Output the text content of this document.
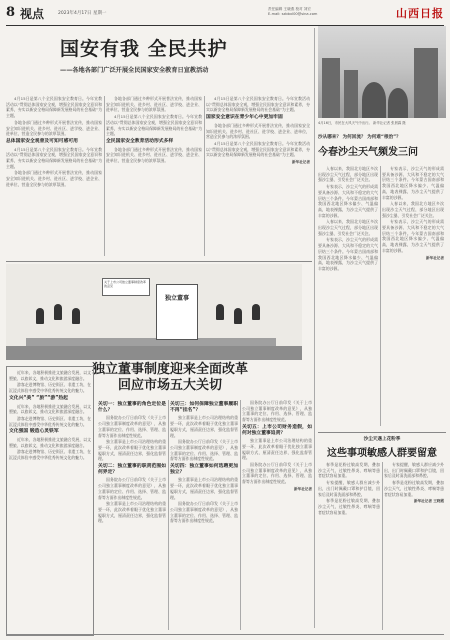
8 视点	2023年4月17日 星期一
责任编辑 王晓燕 校对 刘宏
E-mail: szbbxl00@sina.com	山西日报
国安有我 全民共护
——各地各部门广泛开展全民国家安全教育日宣教活动

4月15日是第八个全民国家安全教育日。今年宣教活动以“贯彻总体国家安全观，增强全民国家安全意识和素养，夯实以新安全格局保障新发展格局的社会基础”为主题。

各地各部门通过多种形式开展普法宣传，推动国家安全知识进机关、进乡村、进社区、进学校、进企业、进单位，营造全民参与的浓厚氛围。

总体国家安全观普及可知可感可用

4月15日是第八个全民国家安全教育日。今年宣教活动以“贯彻总体国家安全观，增强全民国家安全意识和素养，夯实以新安全格局保障新发展格局的社会基础”为主题。

各地各部门通过多种形式开展普法宣传，推动国家安全知识进机关、进乡村、进社区、进学校、进企业、进单位，营造全民参与的浓厚氛围。

各地各部门通过多种形式开展普法宣传，推动国家安全知识进机关、进乡村、进社区、进学校、进企业、进单位，营造全民参与的浓厚氛围。

4月15日是第八个全民国家安全教育日。今年宣教活动以“贯彻总体国家安全观，增强全民国家安全意识和素养，夯实以新安全格局保障新发展格局的社会基础”为主题。

全民国家安全教育活动形式多样

各地各部门通过多种形式开展普法宣传，推动国家安全知识进机关、进乡村、进社区、进学校、进企业、进单位，营造全民参与的浓厚氛围。

4月15日是第八个全民国家安全教育日。今年宣教活动以“贯彻总体国家安全观，增强全民国家安全意识和素养，夯实以新安全格局保障新发展格局的社会基础”为主题。

国家安全意识在青少年心中更加牢固

各地各部门通过多种形式开展普法宣传，推动国家安全知识进机关、进乡村、进社区、进学校、进企业、进单位，营造全民参与的浓厚氛围。

4月15日是第八个全民国家安全教育日。今年宣教活动以“贯彻总体国家安全观，增强全民国家安全意识和素养，夯实以新安全格局保障新发展格局的社会基础”为主题。

新华社记者
4月16日，市民在大风天气中出行。 新华社记者 张晨霖 摄
沙从哪来？ 为何回流？ 为何难“根治”？
今春沙尘天气频发三问

入春以来，我国北方地区多次出现沙尘天气过程，部分地区出现强沙尘暴，引发社会广泛关注。

专家表示，沙尘天气的形成需要具备沙源、大风和不稳定的大气层结三个条件。今年蒙古国南部和我国西北地区降水偏少、气温偏高，地表裸露，为沙尘天气提供了丰富的沙源。

入春以来，我国北方地区多次出现沙尘天气过程，部分地区出现强沙尘暴，引发社会广泛关注。

专家表示，沙尘天气的形成需要具备沙源、大风和不稳定的大气层结三个条件。今年蒙古国南部和我国西北地区降水偏少、气温偏高，地表裸露，为沙尘天气提供了丰富的沙源。

专家表示，沙尘天气的形成需要具备沙源、大风和不稳定的大气层结三个条件。今年蒙古国南部和我国西北地区降水偏少、气温偏高，地表裸露，为沙尘天气提供了丰富的沙源。

入春以来，我国北方地区多次出现沙尘天气过程，部分地区出现强沙尘暴，引发社会广泛关注。

专家表示，沙尘天气的形成需要具备沙源、大风和不稳定的大气层结三个条件。今年蒙古国南部和我国西北地区降水偏少、气温偏高，地表裸露，为沙尘天气提供了丰富的沙源。

新华社记者
关于上市公司独立董事制度改革的意见
独立董事
独立董事制度迎来全面改革
回应市场五大关切

近年来，各地积极推进文旅融合发展，以文塑旅、以旅彰文，推动文化和旅游深度融合。

游客走进博物馆、历史街区、非遗工坊，在沉浸式体验中感受中华优秀传统文化的魅力。

文化兴“美” “旅”“游”热起

近年来，各地积极推进文旅融合发展，以文塑旅、以旅彰文，推动文化和旅游深度融合。

游客走进博物馆、历史街区、非遗工坊，在沉浸式体验中感受中华优秀传统文化的魅力。

文化强国 锻造心灵铁军

近年来，各地积极推进文旅融合发展，以文塑旅、以旅彰文，推动文化和旅游深度融合。

游客走进博物馆、历史街区、非遗工坊，在沉浸式体验中感受中华优秀传统文化的魅力。

关切一：独立董事的角色定位是什么？

国务院办公厅日前印发《关于上市公司独立董事制度改革的意见》，从独立董事的定位、作用、选择、管理、监督等方面作出制度性规范。

独立董事是上市公司治理结构的重要一环，此次改革着眼于优化独立董事履职方式，厘清责任边界，强化监督管理。

关切二：独立董事的职责范围如何界定？

国务院办公厅日前印发《关于上市公司独立董事制度改革的意见》，从独立董事的定位、作用、选择、管理、监督等方面作出制度性规范。

独立董事是上市公司治理结构的重要一环，此次改革着眼于优化独立董事履职方式，厘清责任边界，强化监督管理。

关切三：如何保障独立董事履职不再“挂名”？

独立董事是上市公司治理结构的重要一环，此次改革着眼于优化独立董事履职方式，厘清责任边界，强化监督管理。

国务院办公厅日前印发《关于上市公司独立董事制度改革的意见》，从独立董事的定位、作用、选择、管理、监督等方面作出制度性规范。

关切四：独立董事如何选聘更加独立？

独立董事是上市公司治理结构的重要一环，此次改革着眼于优化独立董事履职方式，厘清责任边界，强化监督管理。

国务院办公厅日前印发《关于上市公司独立董事制度改革的意见》，从独立董事的定位、作用、选择、管理、监督等方面作出制度性规范。

国务院办公厅日前印发《关于上市公司独立董事制度改革的意见》，从独立董事的定位、作用、选择、管理、监督等方面作出制度性规范。

关切五：上市公司财务造假，如何对独立董事追责？

独立董事是上市公司治理结构的重要一环，此次改革着眼于优化独立董事履职方式，厘清责任边界，强化监督管理。

国务院办公厅日前印发《关于上市公司独立董事制度改革的意见》，从独立董事的定位、作用、选择、管理、监督等方面作出制度性规范。

新华社记者
沙尘天遇上花粉季
这些事项敏感人群要留意

春季是花粉过敏高发期，叠加沙尘天气，过敏性鼻炎、哮喘等患者症状容易加重。

专家提醒，敏感人群应减少外出，出门时佩戴口罩和护目镜，回家后及时清洗面部和鼻腔。

春季是花粉过敏高发期，叠加沙尘天气，过敏性鼻炎、哮喘等患者症状容易加重。

专家提醒，敏感人群应减少外出，出门时佩戴口罩和护目镜，回家后及时清洗面部和鼻腔。

春季是花粉过敏高发期，叠加沙尘天气，过敏性鼻炎、哮喘等患者症状容易加重。

新华社记者 王晓霞
